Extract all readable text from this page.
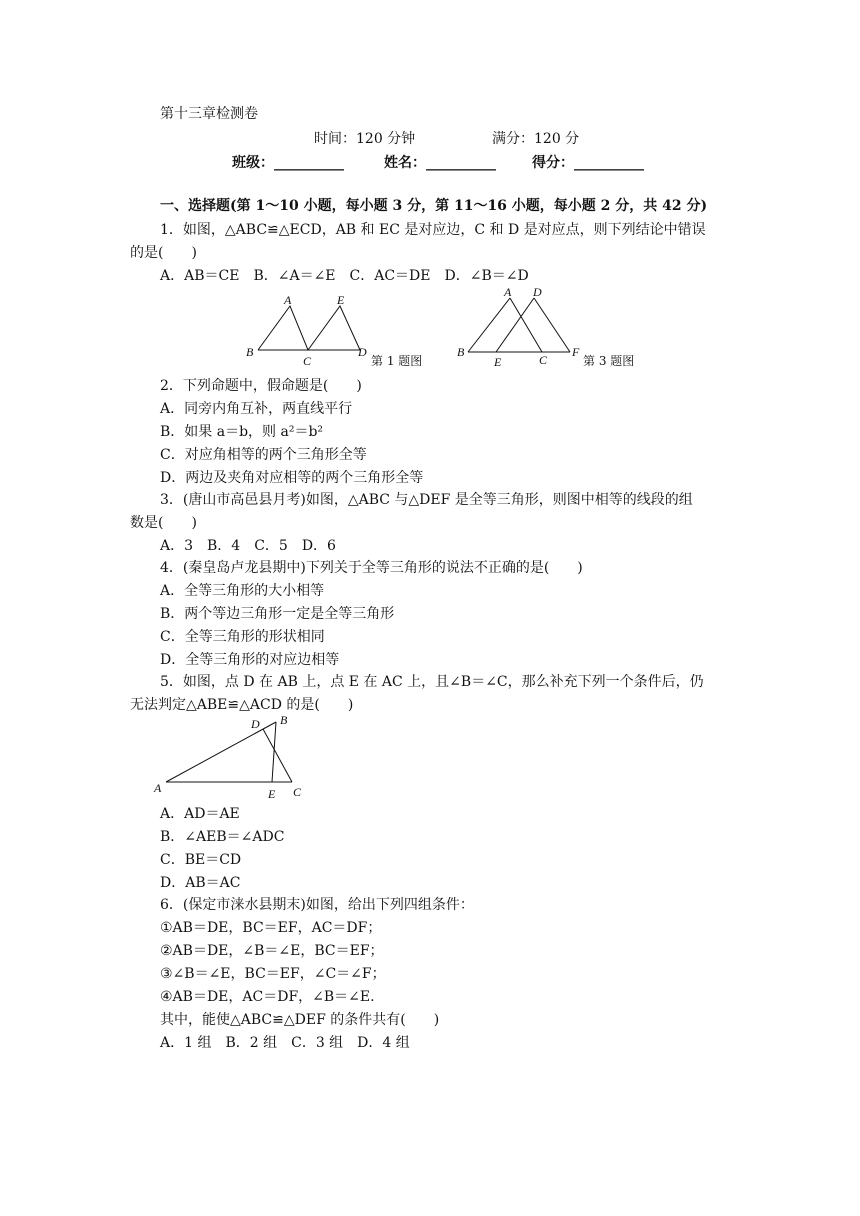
第十三章检测卷
时间：120 分钟	满分：120 分
班级：__________	姓名：__________	得分：__________
一、选择题(第 1～10 小题，每小题 3 分，第 11～16 小题，每小题 2 分，共 42 分)
1．如图，△ABC≌△ECD，AB 和 EC 是对应边，C 和 D 是对应点，则下列结论中错误
的是(　　)
A．AB＝CE　B．∠A＝∠E　C．AC＝DE　D．∠B＝∠D
A	E
B
C
D
第 1 题图
A D
B
E	C
F
第 3 题图
2．下列命题中，假命题是(　　)
A．同旁内角互补，两直线平行
B．如果 a＝b，则 a²＝b²
C．对应角相等的两个三角形全等
D．两边及夹角对应相等的两个三角形全等
3．(唐山市高邑县月考)如图，△ABC 与△DEF 是全等三角形，则图中相等的线段的组
数是(　　)
A．3　B．4　C．5　D．6
4．(秦皇岛卢龙县期中)下列关于全等三角形的说法不正确的是(　　)
A．全等三角形的大小相等
B．两个等边三角形一定是全等三角形
C．全等三角形的形状相同
D．全等三角形的对应边相等
5．如图，点 D 在 AB 上，点 E 在 AC 上，且∠B＝∠C，那么补充下列一个条件后，仍
无法判定△ABE≌△ACD 的是(　　)
A
D B
E C
A．AD＝AE
B．∠AEB＝∠ADC
C．BE＝CD
D．AB＝AC
6．(保定市涞水县期末)如图，给出下列四组条件：
①AB＝DE，BC＝EF，AC＝DF；
②AB＝DE，∠B＝∠E，BC＝EF；
③∠B＝∠E，BC＝EF，∠C＝∠F；
④AB＝DE，AC＝DF，∠B＝∠E.
其中，能使△ABC≌△DEF 的条件共有(　　)
A．1 组　B．2 组　C．3 组　D．4 组
